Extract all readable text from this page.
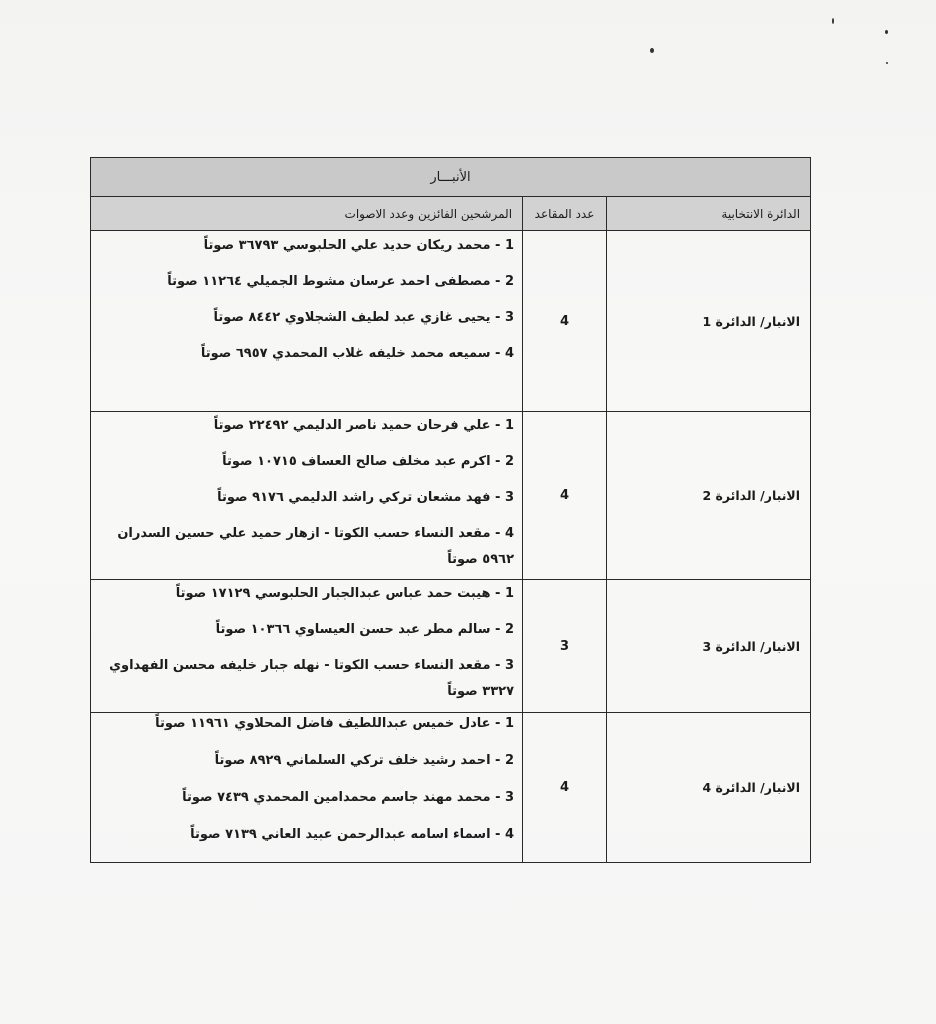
الأنبـــار		
الدائرة الانتخابية	عدد المقاعد	المرشحين الفائزين وعدد الاصوات
الانبار/ الدائرة 1	4	1 - محمد ريكان حديد علي الحلبوسي ٣٦٧٩٣ صوتاً

2 - مصطفى احمد عرسان مشوط الجميلي ١١٢٦٤ صوتاً

3 - يحيى غازي عبد لطيف الشجلاوي ٨٤٤٢ صوتاً

4 - سميعه محمد خليفه غلاب المحمدي ٦٩٥٧ صوتاً

الانبار/ الدائرة 2	4	1 - علي فرحان حميد ناصر الدليمي ٢٢٤٩٢ صوتاً

2 - اكرم عبد مخلف صالح العساف ١٠٧١٥ صوتاً

3 - فهد مشعان تركي راشد الدليمي ٩١٧٦ صوتاً

4 - مقعد النساء حسب الكوتا - ازهار حميد علي حسين السدران ٥٩٦٢ صوتاً

الانبار/ الدائرة 3	3	1 - هيبت حمد عباس عبدالجبار الحلبوسي ١٧١٢٩ صوتاً

2 - سالم مطر عبد حسن العيساوي ١٠٣٦٦ صوتاً

3 - مقعد النساء حسب الكوتا - نهله جبار خليفه محسن الفهداوي ٣٣٢٧ صوتاً

الانبار/ الدائرة 4	4	1 - عادل خميس عبداللطيف فاضل المحلاوي ١١٩٦١ صوتاً

2 - احمد رشيد خلف تركي السلماني ٨٩٢٩ صوتاً

3 - محمد مهند جاسم محمدامين المحمدي ٧٤٣٩ صوتاً

4 - اسماء اسامه عبدالرحمن عبيد العاني ٧١٣٩ صوتاً
